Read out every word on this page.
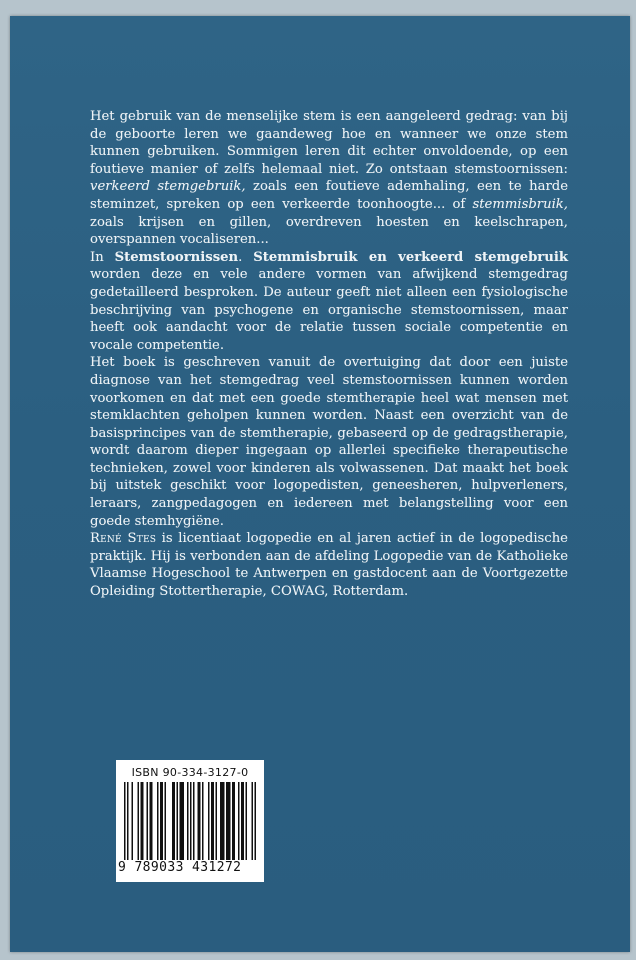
Het gebruik van de menselijke stem is een aangeleerd gedrag: van bij de geboorte leren we gaandeweg hoe en wanneer we onze stem kunnen gebruiken. Sommigen leren dit echter onvoldoende, op een foutieve manier of zelfs helemaal niet. Zo ontstaan stemstoornissen: verkeerd stemgebruik, zoals een foutieve ademhaling, een te harde steminzet, spreken op een verkeerde toonhoogte... of stemmisbruik, zoals krijsen en gillen, overdreven hoesten en keelschrapen, overspannen vocaliseren...

In Stemstoornissen. Stemmisbruik en verkeerd stemgebruik worden deze en vele andere vormen van afwijkend stemgedrag gedetailleerd besproken. De auteur geeft niet alleen een fysiologische beschrijving van psychogene en organische stemstoornissen, maar heeft ook aandacht voor de relatie tussen sociale competentie en vocale competentie.

Het boek is geschreven vanuit de overtuiging dat door een juiste diagnose van het stemgedrag veel stemstoornissen kunnen worden voorkomen en dat met een goede stemtherapie heel wat mensen met stemklachten geholpen kunnen worden. Naast een overzicht van de basisprincipes van de stemtherapie, gebaseerd op de gedragstherapie, wordt daarom dieper ingegaan op allerlei specifieke therapeutische technieken, zowel voor kinderen als volwassenen. Dat maakt het boek bij uitstek geschikt voor logopedisten, geneesheren, hulpverleners, leraars, zangpedagogen en iedereen met belangstelling voor een goede stemhygiëne.

René Stes is licentiaat logopedie en al jaren actief in de logopedische praktijk. Hij is verbonden aan de afdeling Logopedie van de Katholieke Vlaamse Hogeschool te Antwerpen en gastdocent aan de Voortgezette Opleiding Stottertherapie, COWAG, Rotterdam.

ISBN 90-334-3127-0
9 789033 431272
